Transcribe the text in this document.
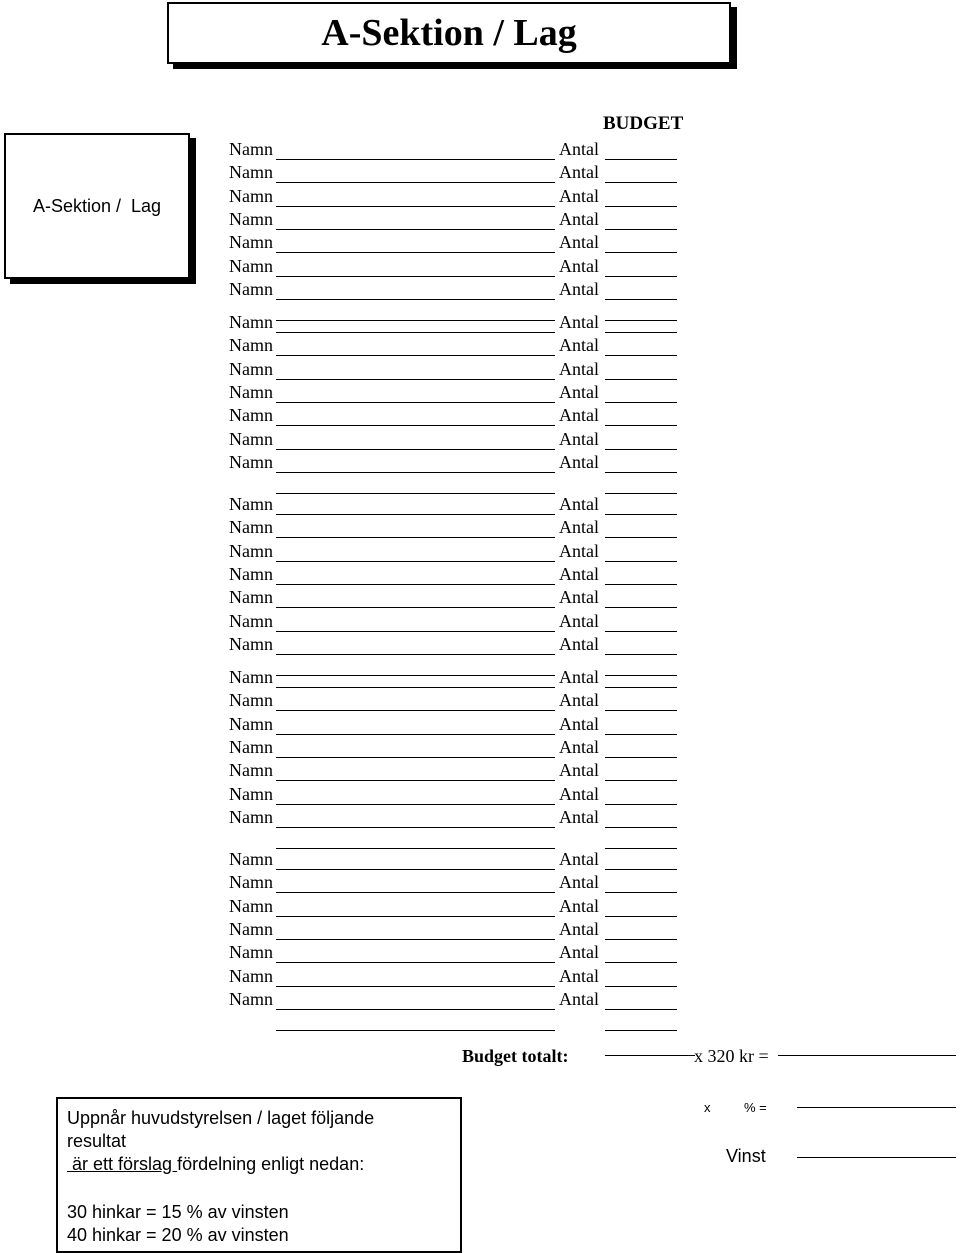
A-Sektion / Lag
A-Sektion /  Lag
BUDGET
Namn	Antal
Namn	Antal
Namn	Antal
Namn	Antal
Namn	Antal
Namn	Antal
Namn	Antal
Namn	Antal
Namn	Antal
Namn	Antal
Namn	Antal
Namn	Antal
Namn	Antal
Namn	Antal
Namn	Antal
Namn	Antal
Namn	Antal
Namn	Antal
Namn	Antal
Namn	Antal
Namn	Antal
Namn	Antal
Namn	Antal
Namn	Antal
Namn	Antal
Namn	Antal
Namn	Antal
Namn	Antal
Namn	Antal
Namn	Antal
Namn	Antal
Namn	Antal
Namn	Antal
Namn	Antal
Namn	Antal
Budget totalt:	x 320 kr =
Uppnår huvudstyrelsen / laget följande
resultat
är ett förslag fördelning enligt nedan:
30 hinkar = 15 % av vinsten
40 hinkar = 20 % av vinsten
x	% =
Vinst
